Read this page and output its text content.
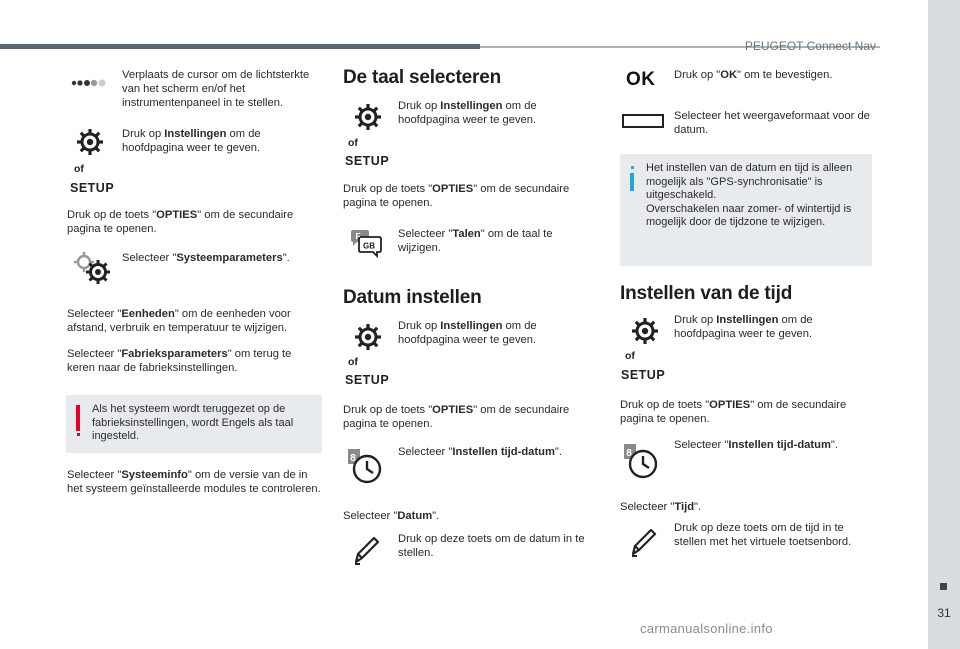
PEUGEOT Connect Nav
31
Verplaats de cursor om de lichtsterkte van het scherm en/of het instrumentenpaneel in te stellen.
Druk op Instellingen om de hoofdpagina weer te geven.
of
SETUP
Druk op de toets "OPTIES" om de secundaire pagina te openen.
Selecteer "Systeemparameters".
Selecteer "Eenheden" om de eenheden voor afstand, verbruik en temperatuur te wijzigen.
Selecteer "Fabrieksparameters" om terug te keren naar de fabrieksinstellingen.
Als het systeem wordt teruggezet op de fabrieksinstellingen, wordt Engels als taal ingesteld.
Selecteer "Systeeminfo" om de versie van de in het systeem geïnstalleerde modules te controleren.
De taal selecteren
Druk op Instellingen om de hoofdpagina weer te geven.
of
SETUP
Druk op de toets "OPTIES" om de secundaire pagina te openen.
F
GB
Selecteer "Talen" om de taal te wijzigen.
Datum instellen
Druk op Instellingen om de hoofdpagina weer te geven.
of
SETUP
Druk op de toets "OPTIES" om de secundaire pagina te openen.
8
Selecteer "Instellen tijd-datum".
Selecteer "Datum".
Druk op deze toets om de datum in te stellen.
OK Druk op "OK" om te bevestigen.
Selecteer het weergaveformaat voor de datum.
Het instellen van de datum en tijd is alleen mogelijk als "GPS-synchronisatie" is uitgeschakeld.
Overschakelen naar zomer- of wintertijd is mogelijk door de tijdzone te wijzigen.
Instellen van de tijd
Druk op Instellingen om de hoofdpagina weer te geven.
of
SETUP
Druk op de toets "OPTIES" om de secundaire pagina te openen.
8
Selecteer "Instellen tijd-datum".
Selecteer "Tijd".
Druk op deze toets om de tijd in te stellen met het virtuele toetsenbord.
carmanualsonline.info
